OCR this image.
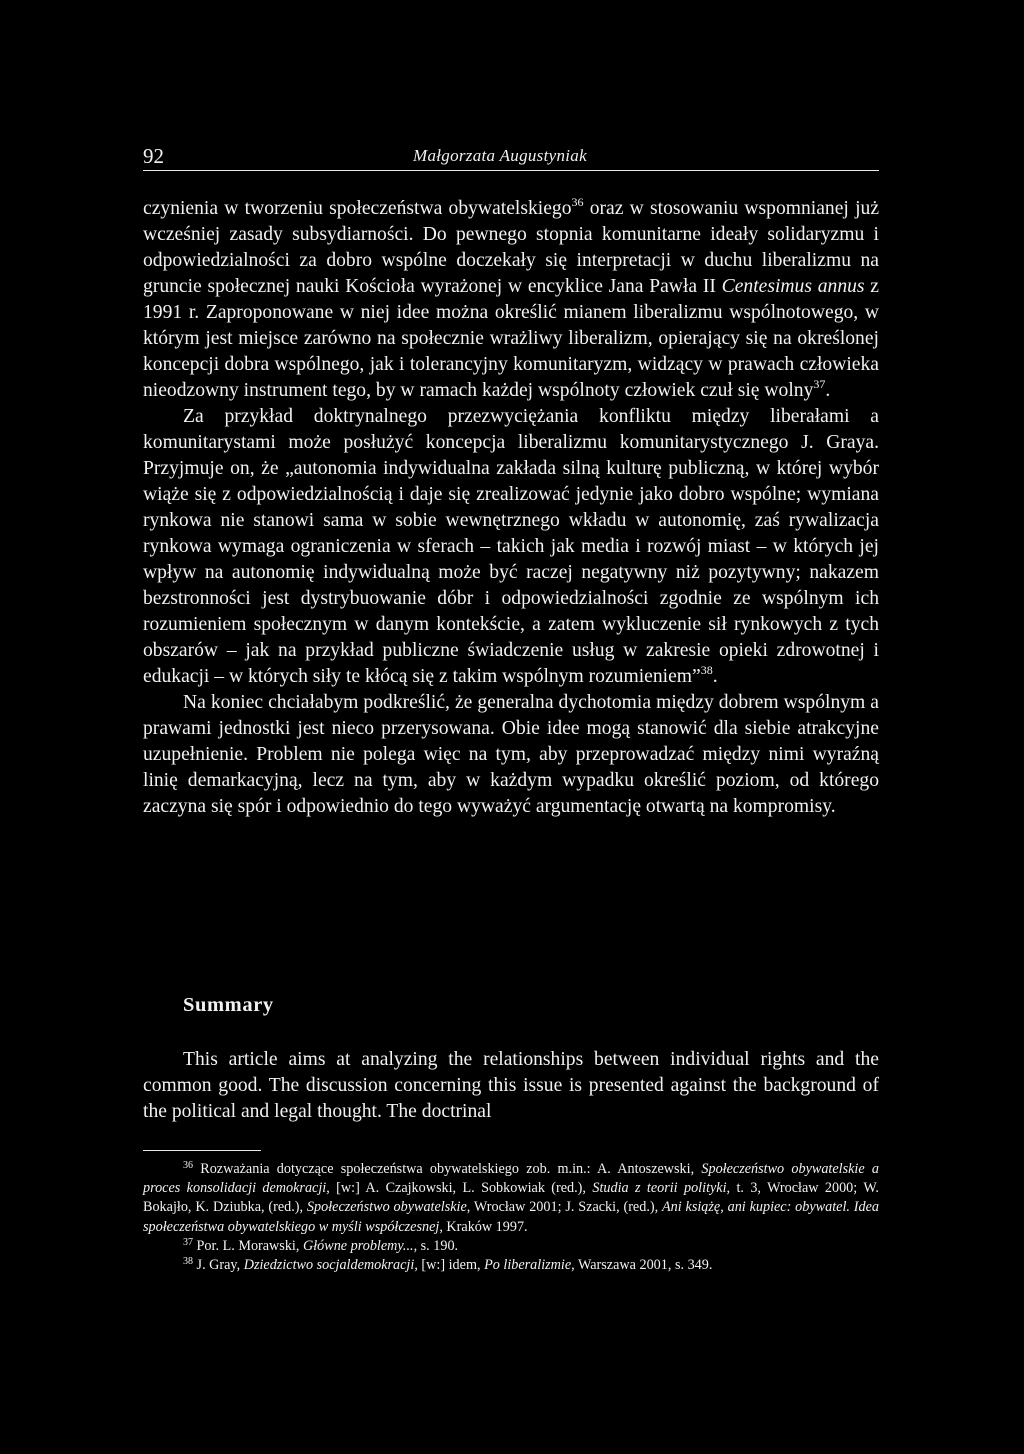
92	Małgorzata Augustyniak

czynienia w tworzeniu społeczeństwa obywatelskiego$^{36}$ oraz w stosowaniu wspomnianej już wcześniej zasady subsydiarności. Do pewnego stopnia komunitarne ideały solidaryzmu i odpowiedzialności za dobro wspólne doczekały się interpretacji w duchu liberalizmu na gruncie społecznej nauki Kościoła wyrażonej w encyklice Jana Pawła II Centesimus annus z 1991 r. Zaproponowane w niej idee można określić mianem liberalizmu wspólnotowego, w którym jest miejsce zarówno na społecznie wrażliwy liberalizm, opierający się na określonej koncepcji dobra wspólnego, jak i tolerancyjny komunitaryzm, widzący w prawach człowieka nieodzowny instrument tego, by w ramach każdej wspólnoty człowiek czuł się wolny$^{37}$.

Za przykład doktrynalnego przezwyciężania konfliktu między liberałami a komunitarystami może posłużyć koncepcja liberalizmu komunitarystycznego J. Graya. Przyjmuje on, że „autonomia indywidualna zakłada silną kulturę publiczną, w której wybór wiąże się z odpowiedzialnością i daje się zrealizować jedynie jako dobro wspólne; wymiana rynkowa nie stanowi sama w sobie wewnętrznego wkładu w autonomię, zaś rywalizacja rynkowa wymaga ograniczenia w sferach – takich jak media i rozwój miast – w których jej wpływ na autonomię indywidualną może być raczej negatywny niż pozytywny; nakazem bezstronności jest dystrybuowanie dóbr i odpowiedzialności zgodnie ze wspólnym ich rozumieniem społecznym w danym kontekście, a zatem wykluczenie sił rynkowych z tych obszarów – jak na przykład publiczne świadczenie usług w zakresie opieki zdrowotnej i edukacji – w których siły te kłócą się z takim wspólnym rozumieniem”$^{38}$.

Na koniec chciałabym podkreślić, że generalna dychotomia między dobrem wspólnym a prawami jednostki jest nieco przerysowana. Obie idee mogą stanowić dla siebie atrakcyjne uzupełnienie. Problem nie polega więc na tym, aby przeprowadzać między nimi wyraźną linię demarkacyjną, lecz na tym, aby w każdym wypadku określić poziom, od którego zaczyna się spór i odpowiednio do tego wyważyć argumentację otwartą na kompromisy.

Summary

This article aims at analyzing the relationships between individual rights and the common good. The discussion concerning this issue is presented against the background of the political and legal thought. The doctrinal

$^{36}$ Rozważania dotyczące społeczeństwa obywatelskiego zob. m.in.: A. Antoszewski, Społeczeństwo obywatelskie a proces konsolidacji demokracji, [w:] A. Czajkowski, L. Sobkowiak (red.), Studia z teorii polityki, t. 3, Wrocław 2000; W. Bokajło, K. Dziubka, (red.), Społeczeństwo obywatelskie, Wrocław 2001; J. Szacki, (red.), Ani książę, ani kupiec: obywatel. Idea społeczeństwa obywatelskiego w myśli współczesnej, Kraków 1997.

$^{37}$ Por. L. Morawski, Główne problemy..., s. 190.

$^{38}$ J. Gray, Dziedzictwo socjaldemokracji, [w:] idem, Po liberalizmie, Warszawa 2001, s. 349.
